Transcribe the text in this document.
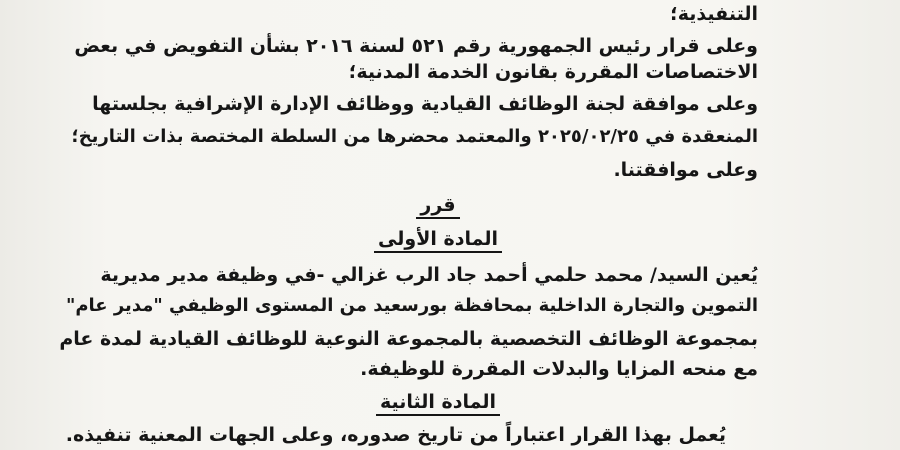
التنفيذية؛
وعلى قرار رئيس الجمهورية رقم ٥٢١ لسنة ٢٠١٦ بشأن التفويض في بعض
الاختصاصات المقررة بقانون الخدمة المدنية؛
وعلى موافقة لجنة الوظائف القيادية ووظائف الإدارة الإشرافية بجلستها
المنعقدة في ٢٠٢٥/٠٢/٢٥ والمعتمد محضرها من السلطة المختصة بذات التاريخ؛
وعلى موافقتنا.
قرر
المادة الأولى
يُعين السيد/ محمد حلمي أحمد جاد الرب غزالي -في وظيفة مدير مديرية
التموين والتجارة الداخلية بمحافظة بورسعيد من المستوى الوظيفي "مدير عام"
بمجموعة الوظائف التخصصية بالمجموعة النوعية للوظائف القيادية لمدة عام
مع منحه المزايا والبدلات المقررة للوظيفة.
المادة الثانية
يُعمل بهذا القرار اعتباراً من تاريخ صدوره، وعلى الجهات المعنية تنفيذه.
